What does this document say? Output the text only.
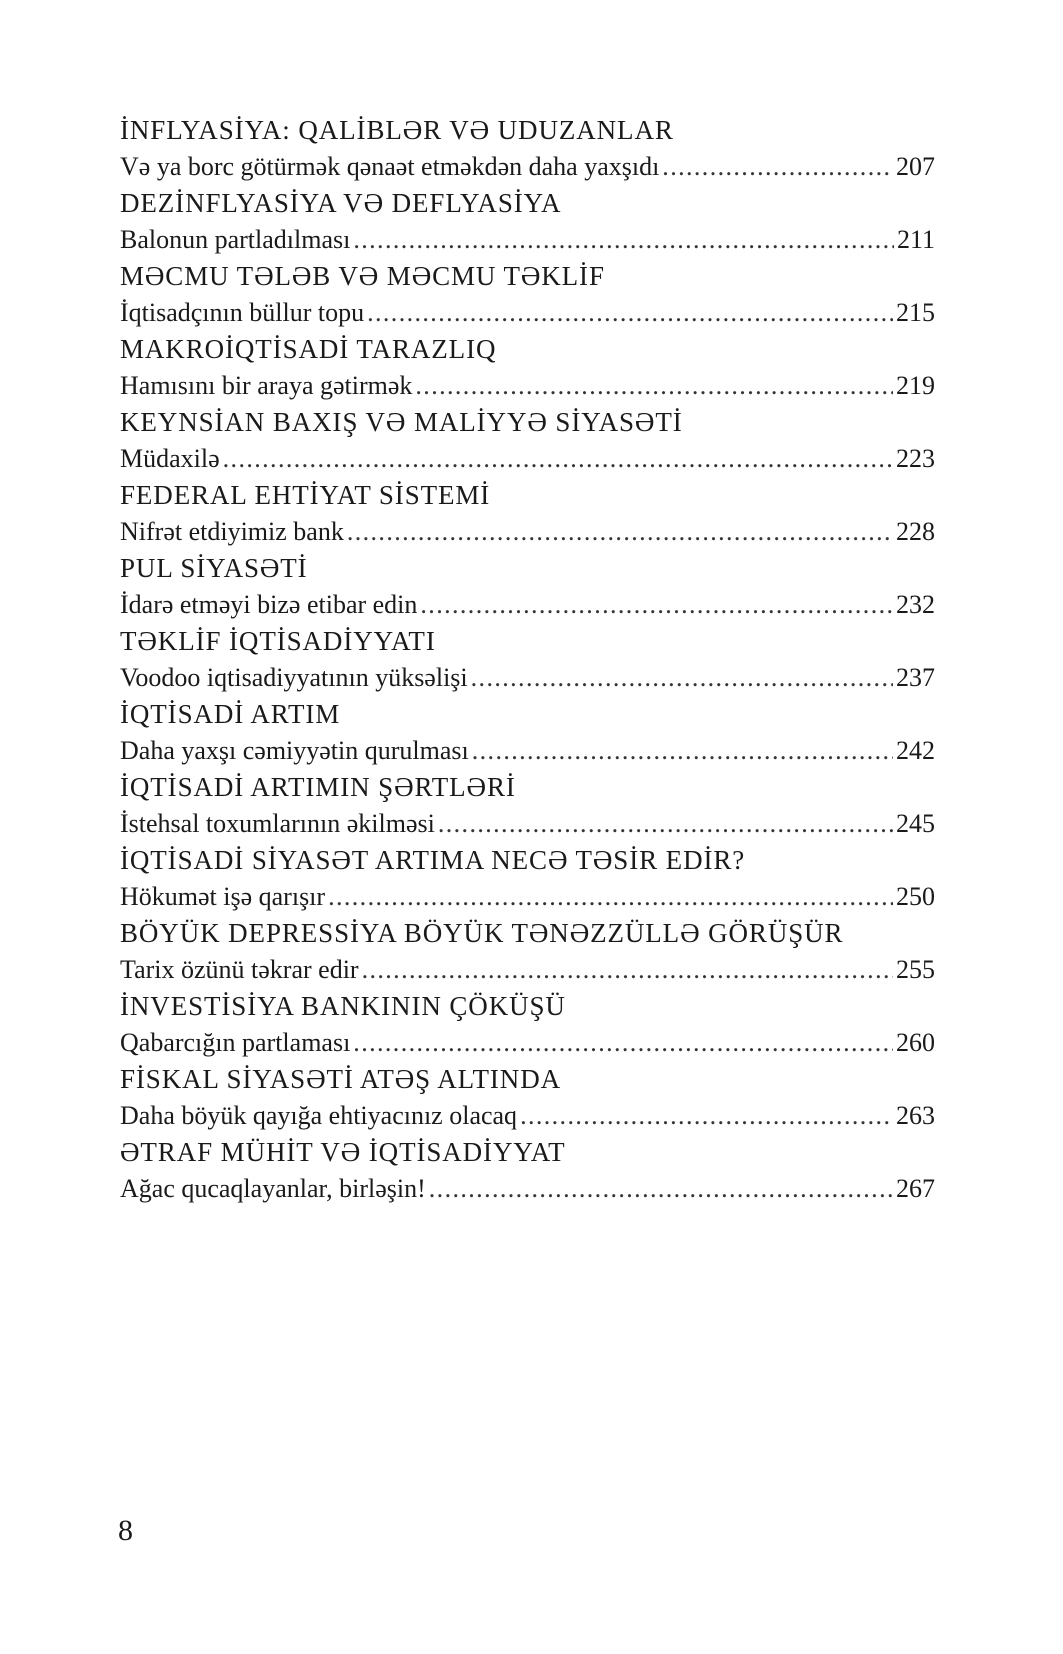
İNFLYASİYA: QALİBLƏR VƏ UDUZANLAR
Və ya borc götürmək qənaət etməkdən daha yaxşıdı .....	207
DEZİNFLYASİYA VƏ DEFLYASİYA
Balonun partladılması .....	211
MƏCMU TƏLƏB VƏ MƏCMU TƏKLİF
İqtisadçının büllur topu .....	215
MAKROİQTİSADİ TARAZLIQ
Hamısını bir araya gətirmək .....	219
KEYNSİAN BAXIŞ VƏ MALİYYƏ SİYASƏTİ
Müdaxilə .....	223
FEDERAL EHTİYAT SİSTEMİ
Nifrət etdiyimiz bank .....	228
PUL SİYASƏTİ
İdarə etməyi bizə etibar edin .....	232
TƏKLİF İQTİSADİYYATI
Voodoo iqtisadiyyatının yüksəlişi .....	237
İQTİSADİ ARTIM
Daha yaxşı cəmiyyətin qurulması .....	242
İQTİSADİ ARTIMIN ŞƏRTLƏRİ
İstehsal toxumlarının əkilməsi .....	245
İQTİSADİ SİYASƏT ARTIMA NECƏ TƏSİR EDİR?
Hökumət işə qarışır .....	250
BÖYÜK DEPRESSİYA BÖYÜK TƏNƏZZÜLLƏ GÖRÜŞÜR
Tarix özünü təkrar edir .....	255
İNVESTİSİYA BANKININ ÇÖKÜŞÜ
Qabarcığın partlaması .....	260
FİSKAL SİYASƏTİ ATƏŞ ALTINDA
Daha böyük qayığa ehtiyacınız olacaq .....	263
ƏTRAF MÜHİT VƏ İQTİSADİYYAT
Ağac qucaqlayanlar, birləşin! .....	267
8
